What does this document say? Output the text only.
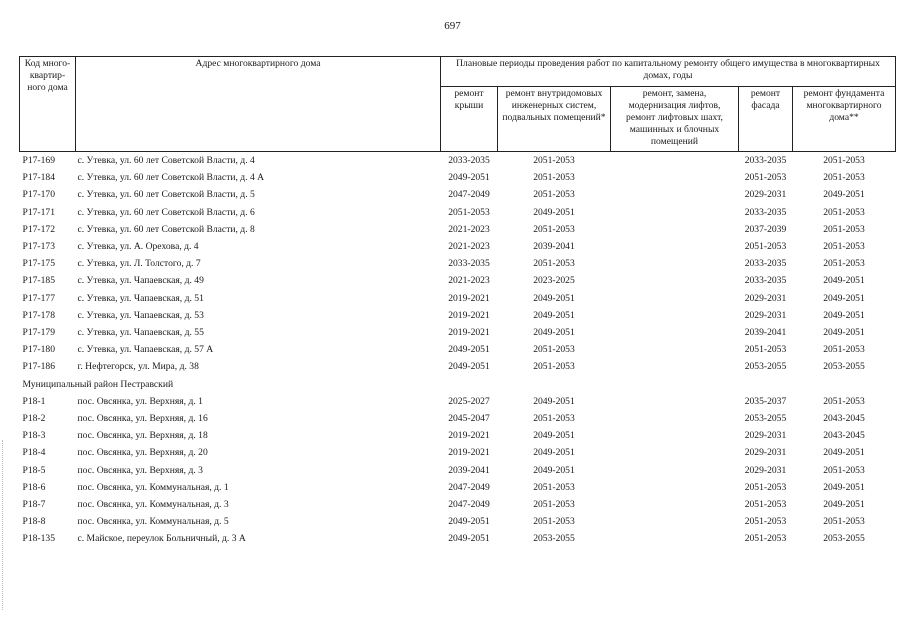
697
Код много-квартир-ного дома	Адрес многоквартирного дома	Плановые периоды проведения работ по капитальному ремонту общего имущества в многоквартирных домах, годы				
		ремонт крыши	ремонт внутридомовых инженерных систем, подвальных помещений*	ремонт, замена, модернизация лифтов, ремонт лифтовых шахт, машинных и блочных помещений	ремонт фасада	ремонт фундамента многоквартирного дома**
P17-169	с. Утевка, ул. 60 лет Советской Власти, д. 4	2033-2035	2051-2053		2033-2035	2051-2053
P17-184	с. Утевка, ул. 60 лет Советской Власти, д. 4 А	2049-2051	2051-2053		2051-2053	2051-2053
P17-170	с. Утевка, ул. 60 лет Советской Власти, д. 5	2047-2049	2051-2053		2029-2031	2049-2051
P17-171	с. Утевка, ул. 60 лет Советской Власти, д. 6	2051-2053	2049-2051		2033-2035	2051-2053
P17-172	с. Утевка, ул. 60 лет Советской Власти, д. 8	2021-2023	2051-2053		2037-2039	2051-2053
P17-173	с. Утевка, ул. А. Орехова, д. 4	2021-2023	2039-2041		2051-2053	2051-2053
P17-175	с. Утевка, ул. Л. Толстого, д. 7	2033-2035	2051-2053		2033-2035	2051-2053
P17-185	с. Утевка, ул. Чапаевская, д. 49	2021-2023	2023-2025		2033-2035	2049-2051
P17-177	с. Утевка, ул. Чапаевская, д. 51	2019-2021	2049-2051		2029-2031	2049-2051
P17-178	с. Утевка, ул. Чапаевская, д. 53	2019-2021	2049-2051		2029-2031	2049-2051
P17-179	с. Утевка, ул. Чапаевская, д. 55	2019-2021	2049-2051		2039-2041	2049-2051
P17-180	с. Утевка, ул. Чапаевская, д. 57 А	2049-2051	2051-2053		2051-2053	2051-2053
P17-186	г. Нефтегорск, ул. Мира, д. 38	2049-2051	2051-2053		2053-2055	2053-2055
Муниципальный район Пестравский						
P18-1	пос. Овсянка, ул. Верхняя, д. 1	2025-2027	2049-2051		2035-2037	2051-2053
P18-2	пос. Овсянка, ул. Верхняя, д. 16	2045-2047	2051-2053		2053-2055	2043-2045
P18-3	пос. Овсянка, ул. Верхняя, д. 18	2019-2021	2049-2051		2029-2031	2043-2045
P18-4	пос. Овсянка, ул. Верхняя, д. 20	2019-2021	2049-2051		2029-2031	2049-2051
P18-5	пос. Овсянка, ул. Верхняя, д. 3	2039-2041	2049-2051		2029-2031	2051-2053
P18-6	пос. Овсянка, ул. Коммунальная, д. 1	2047-2049	2051-2053		2051-2053	2049-2051
P18-7	пос. Овсянка, ул. Коммунальная, д. 3	2047-2049	2051-2053		2051-2053	2049-2051
P18-8	пос. Овсянка, ул. Коммунальная, д. 5	2049-2051	2051-2053		2051-2053	2051-2053
P18-135	с. Майское, переулок Больничный, д. 3 А	2049-2051	2053-2055		2051-2053	2053-2055
